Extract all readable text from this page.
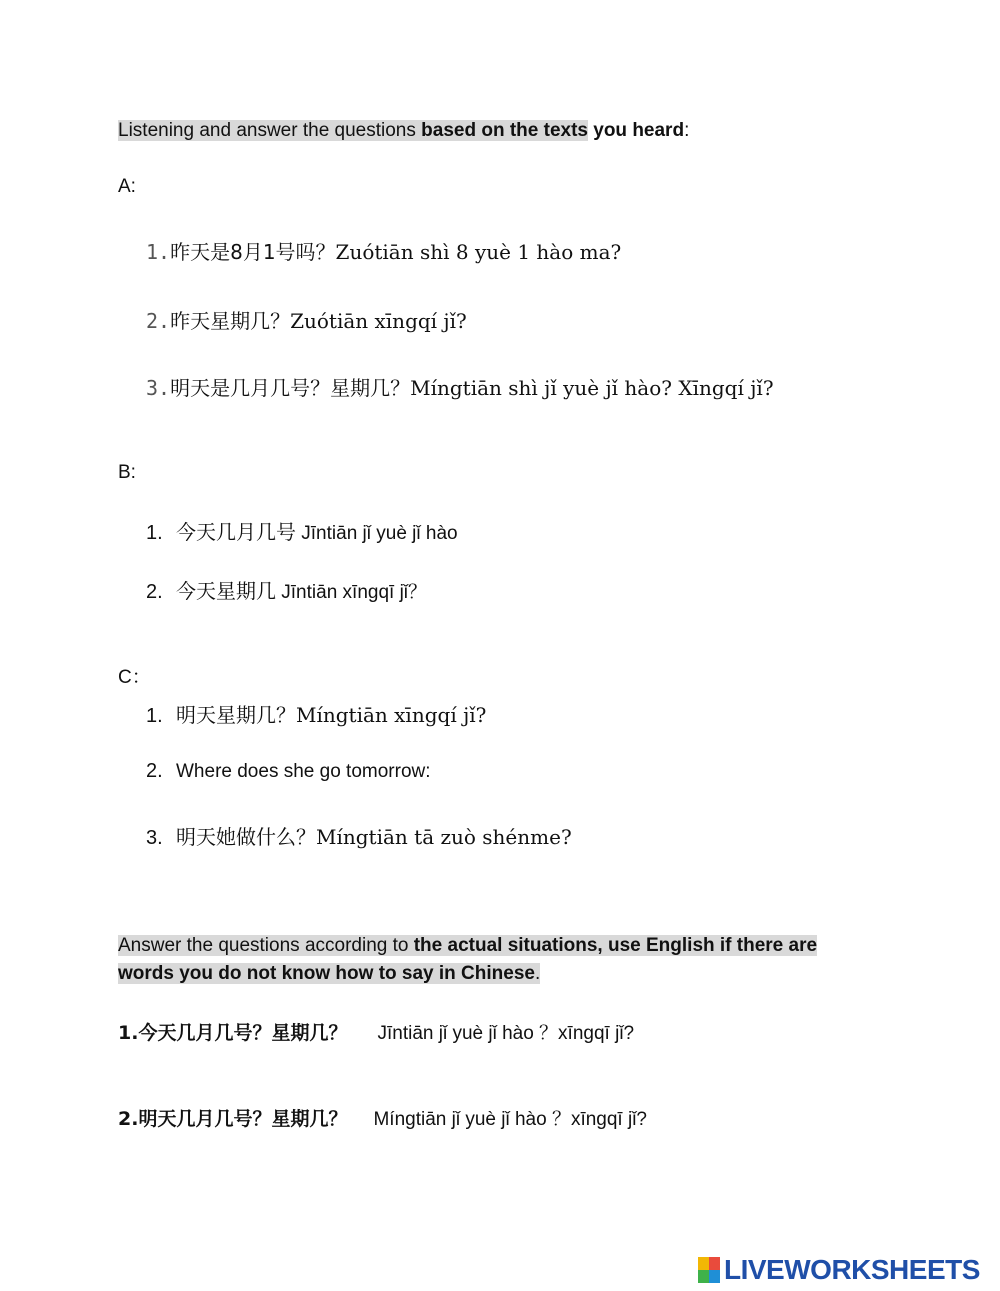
Listening and answer the questions based on the texts you heard:
A:
1.昨天是8月1号吗？Zuótiān shì 8 yuè 1 hào ma?
2.昨天星期几？Zuótiān xīngqí jǐ?
3.明天是几月几号？星期几？Míngtiān shì jǐ yuè jǐ hào? Xīngqí jǐ?
B:
1. 今天几月几号 Jīntiān jǐ yuè jǐ hào
2. 今天星期几 Jīntiān xīngqī jǐ？
C：
1. 明天星期几？Míngtiān xīngqí jǐ?
2. Where does she go tomorrow:
3. 明天她做什么？Míngtiān tā zuò shénme?
Answer the questions according to the actual situations, use English if there are
words you do not know how to say in Chinese.
1.今天几月几号？星期几？ Jīntiān jǐ yuè jǐ hào ？xīngqī jǐ?
2.明天几月几号？星期几？ Míngtiān jǐ yuè jǐ hào ？xīngqī jǐ?
LIVEWORKSHEETS
